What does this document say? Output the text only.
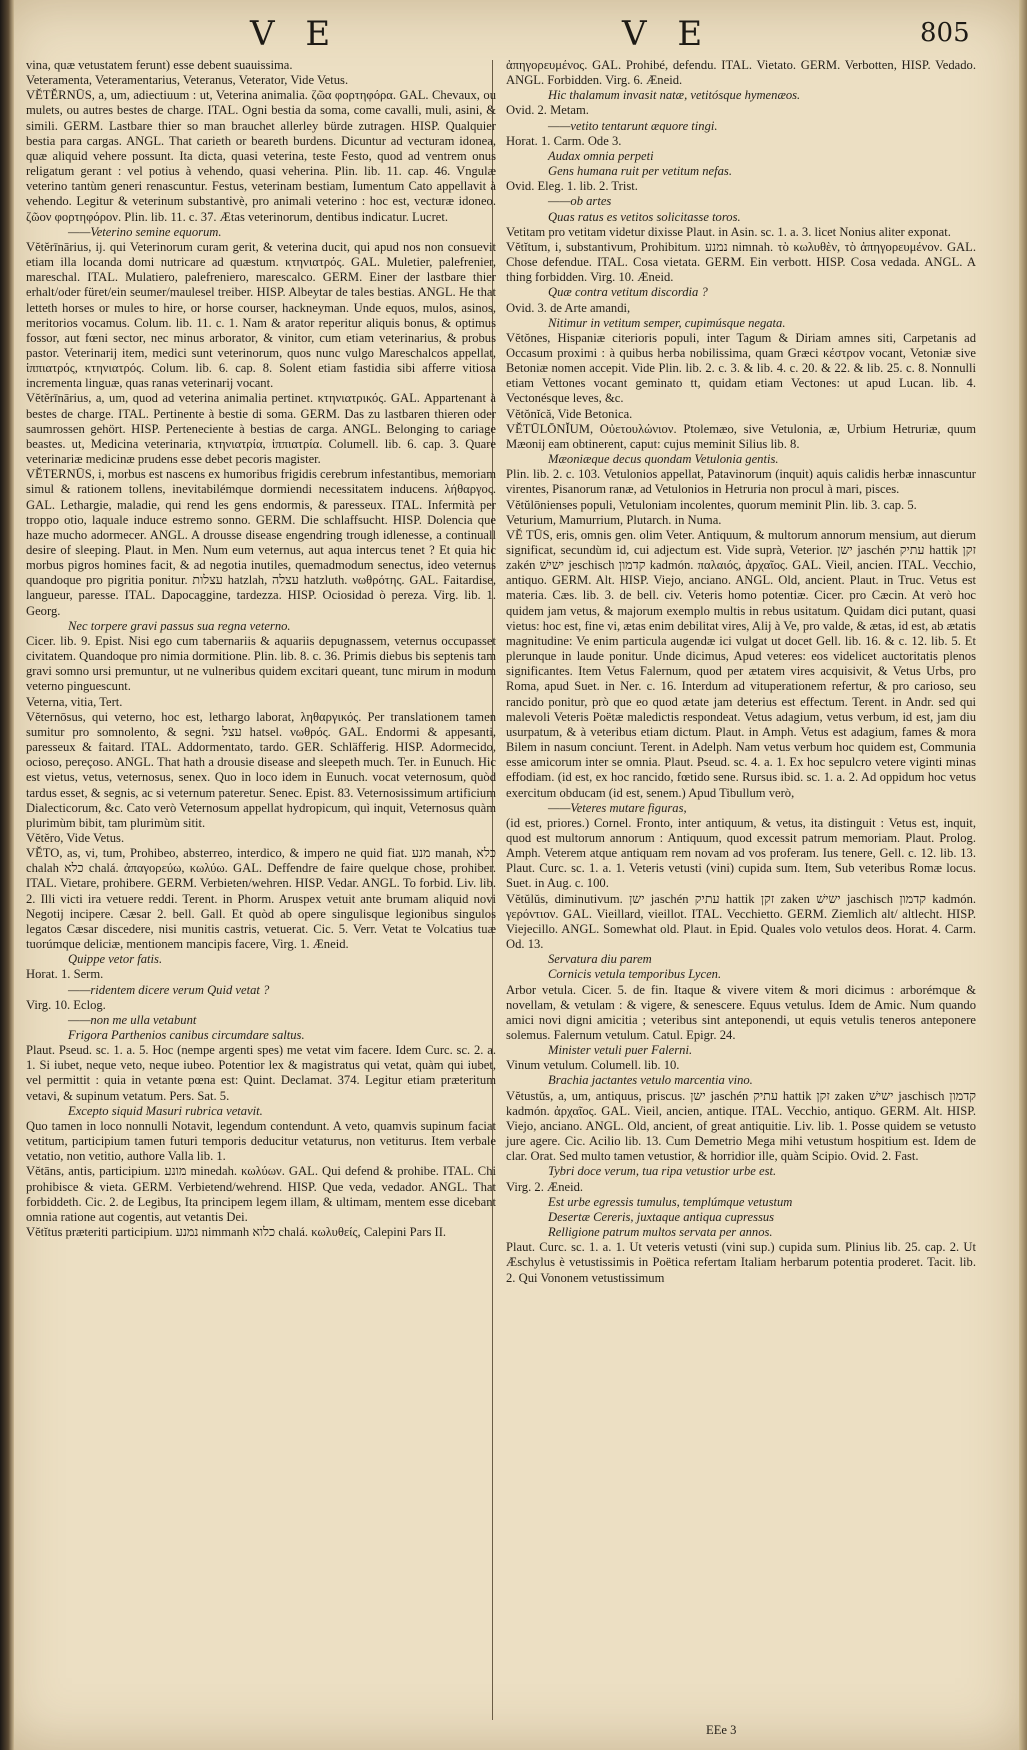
V E	V E	805

vina, quæ vetustatem ferunt) esse debent suauissima.

Veteramenta, Veteramentarius, Veteranus, Veterator, Vide Vetus.

VĔTĔRNŪS, a, um, adiectiuum : ut, Veterina animalia. ζῶα φορτηφόρα. GAL. Chevaux, ou mulets, ou autres bestes de charge. ITAL. Ogni bestia da soma, come cavalli, muli, asini, & simili. GERM. Lastbare thier so man brauchet allerley bürde zutragen. HISP. Qualquier bestia para cargas. ANGL. That carieth or beareth burdens. Dicuntur ad vecturam idonea, quæ aliquid vehere possunt. Ita dicta, quasi veterina, teste Festo, quod ad ventrem onus religatum gerant : vel potius à vehendo, quasi veherina. Plin. lib. 11. cap. 46. Vngulæ veterino tantùm generi renascuntur. Festus, veterinam bestiam, Iumentum Cato appellavit à vehendo. Legitur & veterinum substantivè, pro animali veterino : hoc est, vecturæ idoneo. ζῶον φορτηφόρον. Plin. lib. 11. c. 37. Ætas veterinorum, dentibus indicatur. Lucret.

——Veterino semine equorum.

Vĕtĕrīnārius, ij. qui Veterinorum curam gerit, & veterina ducit, qui apud nos non consuevit etiam illa locanda domi nutricare ad quæstum. κτηνιατρός. GAL. Muletier, palefrenier, mareschal. ITAL. Mulatiero, palefreniero, marescalco. GERM. Einer der lastbare thier erhalt/oder füret/ein seumer/maulesel treiber. HISP. Albeytar de tales bestias. ANGL. He that letteth horses or mules to hire, or horse courser, hackneyman. Unde equos, mulos, asinos, meritorios vocamus. Colum. lib. 11. c. 1. Nam & arator reperitur aliquis bonus, & optimus fossor, aut fœni sector, nec minus arborator, & vinitor, cum etiam veterinarius, & probus pastor. Veterinarij item, medici sunt veterinorum, quos nunc vulgo Mareschalcos appellat, ἱππιατρός, κτηνιατρός. Colum. lib. 6. cap. 8. Solent etiam fastidia sibi afferre vitiosa incrementa linguæ, quas ranas veterinarij vocant.

Vĕtĕrīnārius, a, um, quod ad veterina animalia pertinet. κτηνιατρικός. GAL. Appartenant à bestes de charge. ITAL. Pertinente à bestie di soma. GERM. Das zu lastbaren thieren oder saumrossen gehört. HISP. Perteneciente à bestias de carga. ANGL. Belonging to cariage beastes. ut, Medicina veterinaria, κτηνιατρία, ἱππιατρία. Columell. lib. 6. cap. 3. Quare veterinariæ medicinæ prudens esse debet pecoris magister.

VĔTERNŪS, i, morbus est nascens ex humoribus frigidis cerebrum infestantibus, memoriam simul & rationem tollens, inevitabilémque dormiendi necessitatem inducens. λήθαργος. GAL. Lethargie, maladie, qui rend les gens endormis, & paresseux. ITAL. Infermità per troppo otio, laquale induce estremo sonno. GERM. Die schlaffsucht. HISP. Dolencia que haze mucho adormecer. ANGL. A drousse disease engendring trough idlenesse, a continuall desire of sleeping. Plaut. in Men. Num eum veternus, aut aqua intercus tenet ? Et quia hic morbus pigros homines facit, & ad negotia inutiles, quemadmodum senectus, ideo veternus quandoque pro pigritia ponitur. עצלות hatzlah, עצלה hatzluth. νωθρότης. GAL. Faitardise, langueur, paresse. ITAL. Dapocaggine, tardezza. HISP. Ociosidad ò pereza. Virg. lib. 1. Georg.

Nec torpere gravi passus sua regna veterno.

Cicer. lib. 9. Epist. Nisi ego cum tabernariis & aquariis depugnassem, veternus occupasset civitatem. Quandoque pro nimia dormitione. Plin. lib. 8. c. 36. Primis diebus bis septenis tam gravi somno ursi premuntur, ut ne vulneribus quidem excitari queant, tunc mirum in modum veterno pinguescunt.

Veterna, vitia, Tert.

Vĕternōsus, qui veterno, hoc est, lethargo laborat, ληθαργικός. Per translationem tamen sumitur pro somnolento, & segni. עצל hatsel. νωθρός. GAL. Endormi & appesanti, paresseux & faitard. ITAL. Addormentato, tardo. GER. Schläfferig. HISP. Adormecido, ocioso, pereçoso. ANGL. That hath a drousie disease and sleepeth much. Ter. in Eunuch. Hic est vietus, vetus, veternosus, senex. Quo in loco idem in Eunuch. vocat veternosum, quòd tardus esset, & segnis, ac si veternum pateretur. Senec. Epist. 83. Veternosissimum artificium Dialecticorum, &c. Cato verò Veternosum appellat hydropicum, quì inquit, Veternosus quàm plurimùm bibit, tam plurimùm sitit.

Vĕtĕro, Vide Vetus.

VĔTO, as, vi, tum, Prohibeo, absterreo, interdico, & impero ne quid fiat. מנע manah, כלא chalah כלא chalá. ἀπαγορεύω, κωλύω. GAL. Deffendre de faire quelque chose, prohiber. ITAL. Vietare, prohibere. GERM. Verbieten/wehren. HISP. Vedar. ANGL. To forbid. Liv. lib. 2. Illi victi ira vetuere reddi. Terent. in Phorm. Aruspex vetuit ante brumam aliquid novi Negotij incipere. Cæsar 2. bell. Gall. Et quòd ab opere singulisque legionibus singulos legatos Cæsar discedere, nisi munitis castris, vetuerat. Cic. 5. Verr. Vetat te Volcatius tuæ tuorúmque deliciæ, mentionem mancipis facere, Virg. 1. Æneid.

Quippe vetor fatis.

Horat. 1. Serm.

——ridentem dicere verum Quid vetat ?

Virg. 10. Eclog.

——non me ulla vetabunt

Frigora Parthenios canibus circumdare saltus.

Plaut. Pseud. sc. 1. a. 5. Hoc (nempe argenti spes) me vetat vim facere. Idem Curc. sc. 2. a. 1. Si iubet, neque veto, neque iubeo. Potentior lex & magistratus qui vetat, quàm qui iubet, vel permittit : quia in vetante pœna est: Quint. Declamat. 374. Legitur etiam præteritum vetavi, & supinum vetatum. Pers. Sat. 5.

Excepto siquid Masuri rubrica vetavit.

Quo tamen in loco nonnulli Notavit, legendum contendunt. A veto, quamvis supinum faciat vetitum, participium tamen futuri temporis deducitur vetaturus, non vetiturus. Item verbale vetatio, non vetitio, authore Valla lib. 1.

Vĕtāns, antis, participium. מונע minedah. κωλύων. GAL. Qui defend & prohibe. ITAL. Chi prohibisce & vieta. GERM. Verbietend/wehrend. HISP. Que veda, vedador. ANGL. That forbiddeth. Cic. 2. de Legibus, Ita principem legem illam, & ultimam, mentem esse dicebant omnia ratione aut cogentis, aut vetantis Dei.

Vĕtĭtus præteriti participium. נמנע nimmanh כלוא chalá. κωλυθείς, Calepini Pars II.

ἀπηγορευμένος. GAL. Prohibé, defendu. ITAL. Vietato. GERM. Verbotten, HISP. Vedado. ANGL. Forbidden. Virg. 6. Æneid.

Hic thalamum invasit natæ, vetitósque hymenæos.

Ovid. 2. Metam.

——vetito tentarunt æquore tingi.

Horat. 1. Carm. Ode 3.

Audax omnia perpeti

Gens humana ruit per vetitum nefas.

Ovid. Eleg. 1. lib. 2. Trist.

——ob artes

Quas ratus es vetitos solicitasse toros.

Vetitam pro vetitam videtur dixisse Plaut. in Asin. sc. 1. a. 3. licet Nonius aliter exponat.

Vĕtĭtum, i, substantivum, Prohibitum. נמנע nimnah. τὸ κωλυθὲν, τὸ ἀπηγορευμένον. GAL. Chose defendue. ITAL. Cosa vietata. GERM. Ein verbott. HISP. Cosa vedada. ANGL. A thing forbidden. Virg. 10. Æneid.

Quæ contra vetitum discordia ?

Ovid. 3. de Arte amandi,

Nitimur in vetitum semper, cupimúsque negata.

Vĕtŏnes, Hispaniæ citerioris populi, inter Tagum & Diriam amnes siti, Carpetanis ad Occasum proximi : à quibus herba nobilissima, quam Græci κέστρον vocant, Vetoniæ sive Betoniæ nomen accepit. Vide Plin. lib. 2. c. 3. & lib. 4. c. 20. & 22. & lib. 25. c. 8. Nonnulli etiam Vettones vocant geminato tt, quidam etiam Vectones: ut apud Lucan. lib. 4. Vectonésque leves, &c.

Vĕtŏnĭcă, Vide Betonica.

VĔTŪLŌNĬUM, Οὐετουλώνιον. Ptolemæo, sive Vetulonia, æ, Urbium Hetruriæ, quum Mæonij eam obtinerent, caput: cujus meminit Silius lib. 8.

Mæoniæque decus quondam Vetulonia gentis.

Plin. lib. 2. c. 103. Vetulonios appellat, Patavinorum (inquit) aquis calidis herbæ innascuntur virentes, Pisanorum ranæ, ad Vetulonios in Hetruria non procul à mari, pisces.

Vĕtŭlōnienses populi, Vetuloniam incolentes, quorum meminit Plin. lib. 3. cap. 5.

Veturium, Mamurrium, Plutarch. in Numa.

VĔ TŪS, eris, omnis gen. olim Veter. Antiquum, & multorum annorum mensium, aut dierum significat, secundùm id, cui adjectum est. Vide suprà, Veterior. ישן jaschén עתיק hattik זקן zakén ישישׁ jeschisch קדמון kadmón. παλαιός, ἀρχαῖος. GAL. Vieil, ancien. ITAL. Vecchio, antiquo. GERM. Alt. HISP. Viejo, anciano. ANGL. Old, ancient. Plaut. in Truc. Vetus est materia. Cæs. lib. 3. de bell. civ. Veteris homo potentiæ. Cicer. pro Cæcin. At verò hoc quidem jam vetus, & majorum exemplo multis in rebus usitatum. Quidam dici putant, quasi vietus: hoc est, fine vi, ætas enim debilitat vires, Alij à Ve, pro valde, & ætas, id est, ab ætatis magnitudine: Ve enim particula augendæ ici vulgat ut docet Gell. lib. 16. & c. 12. lib. 5. Et plerunque in laude ponitur. Unde dicimus, Apud veteres: eos videlicet auctoritatis plenos significantes. Item Vetus Falernum, quod per ætatem vires acquisivit, & Vetus Urbs, pro Roma, apud Suet. in Ner. c. 16. Interdum ad vituperationem refertur, & pro carioso, seu rancido ponitur, prò que eo quod ætate jam deterius est effectum. Terent. in Andr. sed qui malevoli Veteris Poëtæ maledictis respondeat. Vetus adagium, vetus verbum, id est, jam diu usurpatum, & à veteribus etiam dictum. Plaut. in Amph. Vetus est adagium, fames & mora Bilem in nasum conciunt. Terent. in Adelph. Nam vetus verbum hoc quidem est, Communia esse amicorum inter se omnia. Plaut. Pseud. sc. 4. a. 1. Ex hoc sepulcro vetere viginti minas effodiam. (id est, ex hoc rancido, fœtido sene. Rursus ibid. sc. 1. a. 2. Ad oppidum hoc vetus exercitum obducam (id est, senem.) Apud Tibullum verò,

——Veteres mutare figuras,

(id est, priores.) Cornel. Fronto, inter antiquum, & vetus, ita distinguit : Vetus est, inquit, quod est multorum annorum : Antiquum, quod excessit patrum memoriam. Plaut. Prolog. Amph. Veterem atque antiquam rem novam ad vos proferam. Ius tenere, Gell. c. 12. lib. 13. Plaut. Curc. sc. 1. a. 1. Veteris vetusti (vini) cupida sum. Item, Sub veteribus Romæ locus. Suet. in Aug. c. 100.

Vĕtŭlŭs, diminutivum. ישן jaschén עתיק hattik זקן zaken ישישׁ jaschisch קדמון kadmón. γερόντιον. GAL. Vieillard, vieillot. ITAL. Vecchietto. GERM. Ziemlich alt/ altlecht. HISP. Viejecillo. ANGL. Somewhat old. Plaut. in Epid. Quales volo vetulos deos. Horat. 4. Carm. Od. 13.

Servatura diu parem

Cornicis vetula temporibus Lycen.

Arbor vetula. Cicer. 5. de fin. Itaque & vivere vitem & mori dicimus : arborémque & novellam, & vetulam : & vigere, & senescere. Equus vetulus. Idem de Amic. Num quando amici novi digni amicitia ; veteribus sint anteponendi, ut equis vetulis teneros anteponere solemus. Falernum vetulum. Catul. Epigr. 24.

Minister vetuli puer Falerni.

Vinum vetulum. Columell. lib. 10.

Brachia jactantes vetulo marcentia vino.

Vĕtustŭs, a, um, antiquus, priscus. ישן jaschén עתיק hattik זקן zaken ישישׁ jaschisch קדמון kadmón. ἀρχαῖος. GAL. Vieil, ancien, antique. ITAL. Vecchio, antiquo. GERM. Alt. HISP. Viejo, anciano. ANGL. Old, ancient, of great antiquitie. Liv. lib. 1. Posse quidem se vetusto jure agere. Cic. Acilio lib. 13. Cum Demetrio Mega mihi vetustum hospitium est. Idem de clar. Orat. Sed multo tamen vetustior, & horridior ille, quàm Scipio. Ovid. 2. Fast.

Tybri doce verum, tua ripa vetustior urbe est.

Virg. 2. Æneid.

Est urbe egressis tumulus, templúmque vetustum

Desertæ Cereris, juxtaque antiqua cupressus

Relligione patrum multos servata per annos.

Plaut. Curc. sc. 1. a. 1. Ut veteris vetusti (vini sup.) cupida sum. Plinius lib. 25. cap. 2. Ut Æschylus è vetustissimis in Poëtica refertam Italiam herbarum potentia proderet. Tacit. lib. 2. Qui Vononem vetustissimum

EEe 3
